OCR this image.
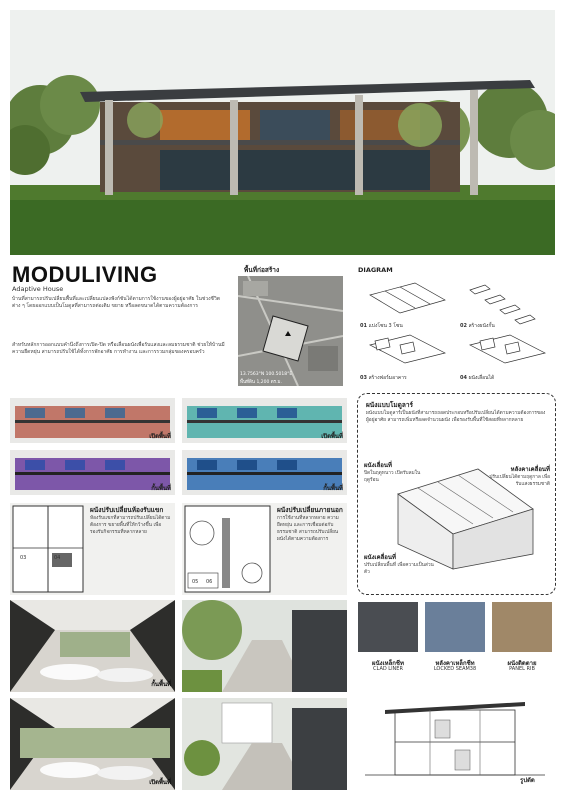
MODULIVING
Adaptive House
บ้านที่สามารถปรับเปลี่ยนพื้นที่และเปลี่ยนแปลงฟังก์ชันได้ตามการใช้งานของผู้อยู่อาศัย ในช่วงชีวิตต่าง ๆ โดยออกแบบเป็นโมดูลที่สามารถต่อเติม ขยาย หรือลดขนาดได้ตามความต้องการ
สำหรับหลักการออกแบบคำนึงถึงการเปิด-ปิด หรือเลื่อนผนังเพื่อรับแสงและลมธรรมชาติ ช่วยให้บ้านมีความยืดหยุ่น สามารถปรับใช้ได้ทั้งการพักอาศัย การทำงาน และการรวมกลุ่มของครอบครัว
พื้นที่ก่อสร้าง
13.7563°N 100.5018°E
พื้นที่ดิน 1,200 ตร.ม.
DIAGRAM
01 แบ่งโซน 3 โซน	02 สร้างผนังกั้น
03 สร้างฟอร์มอาคาร	04 ผนังเลื่อนได้
เปิดพื้นที่	เปิดพื้นที่
กั้นพื้นที่	กั้นพื้นที่
03	04
ผนังปรับเปลี่ยนห้องรับแขก
ห้องรับแขกที่สามารถปรับเปลี่ยนได้ตามต้องการ ขยายพื้นที่ให้กว้างขึ้น เพื่อรองรับกิจกรรมที่หลากหลาย
05 06
ผนังปรับเปลี่ยนภายนอก
การใช้งานที่หลากหลาย ความยืดหยุ่น และการเชื่อมต่อกับธรรมชาติ สามารถปรับเปลี่ยนผนังได้ตามความต้องการ
ผนังแบบโมดูลาร์
ผนังแบบโมดูลาร์เป็นผนังที่สามารถถอดประกอบหรือปรับเปลี่ยนได้ตามความต้องการของผู้อยู่อาศัย สามารถเพิ่มหรือลดจำนวนผนัง เพื่อรองรับพื้นที่ใช้สอยที่หลากหลาย
ผนังเลื่อนที่
ปิดในฤดูหนาว เปิดรับลมในฤดูร้อน
หลังคาเคลื่อนที่
ปรับเปลี่ยนได้ตามฤดูกาล เพื่อรับแสงธรรมชาติ
ผนังเคลื่อนที่
ปรับเปลี่ยนพื้นที่ เพื่อความเป็นส่วนตัว
กั้นพื้นที่
เปิดพื้นที่
ผนังเหล็กชีท
CLAD LINER
หลังคาเหล็กชีท
LOCKED SEAM38
ผนังติดตาย
PANEL RIB
รูปตัด
